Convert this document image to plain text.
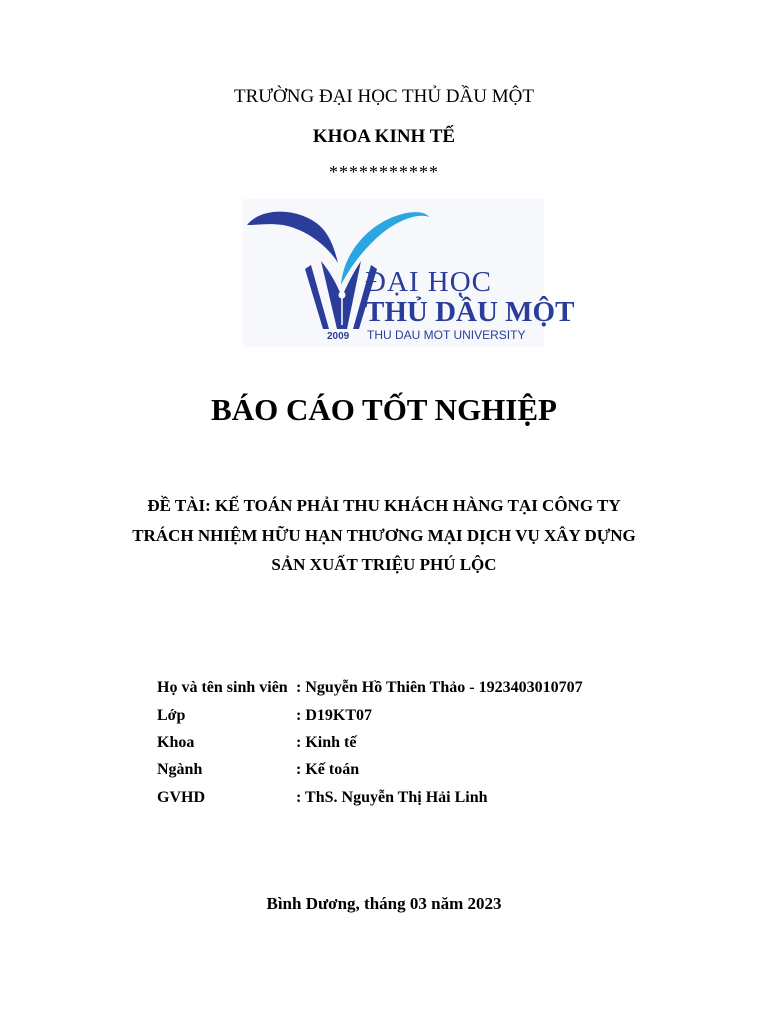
TRƯỜNG ĐẠI HỌC THỦ DẦU MỘT
KHOA KINH TẾ
***********
ĐẠI HỌC
THỦ DẦU MỘT
2009 THU DAU MOT UNIVERSITY
BÁO CÁO TỐT NGHIỆP
ĐỀ TÀI: KẾ TOÁN PHẢI THU KHÁCH HÀNG TẠI CÔNG TY
TRÁCH NHIỆM HỮU HẠN THƯƠNG MẠI DỊCH VỤ XÂY DỰNG
SẢN XUẤT TRIỆU PHÚ LỘC
Họ và tên sinh viên : Nguyễn Hồ Thiên Thảo - 1923403010707
Lớp	: D19KT07
Khoa	: Kinh tế
Ngành	: Kế toán
GVHD	: ThS. Nguyễn Thị Hải Linh
Bình Dương, tháng 03 năm 2023
